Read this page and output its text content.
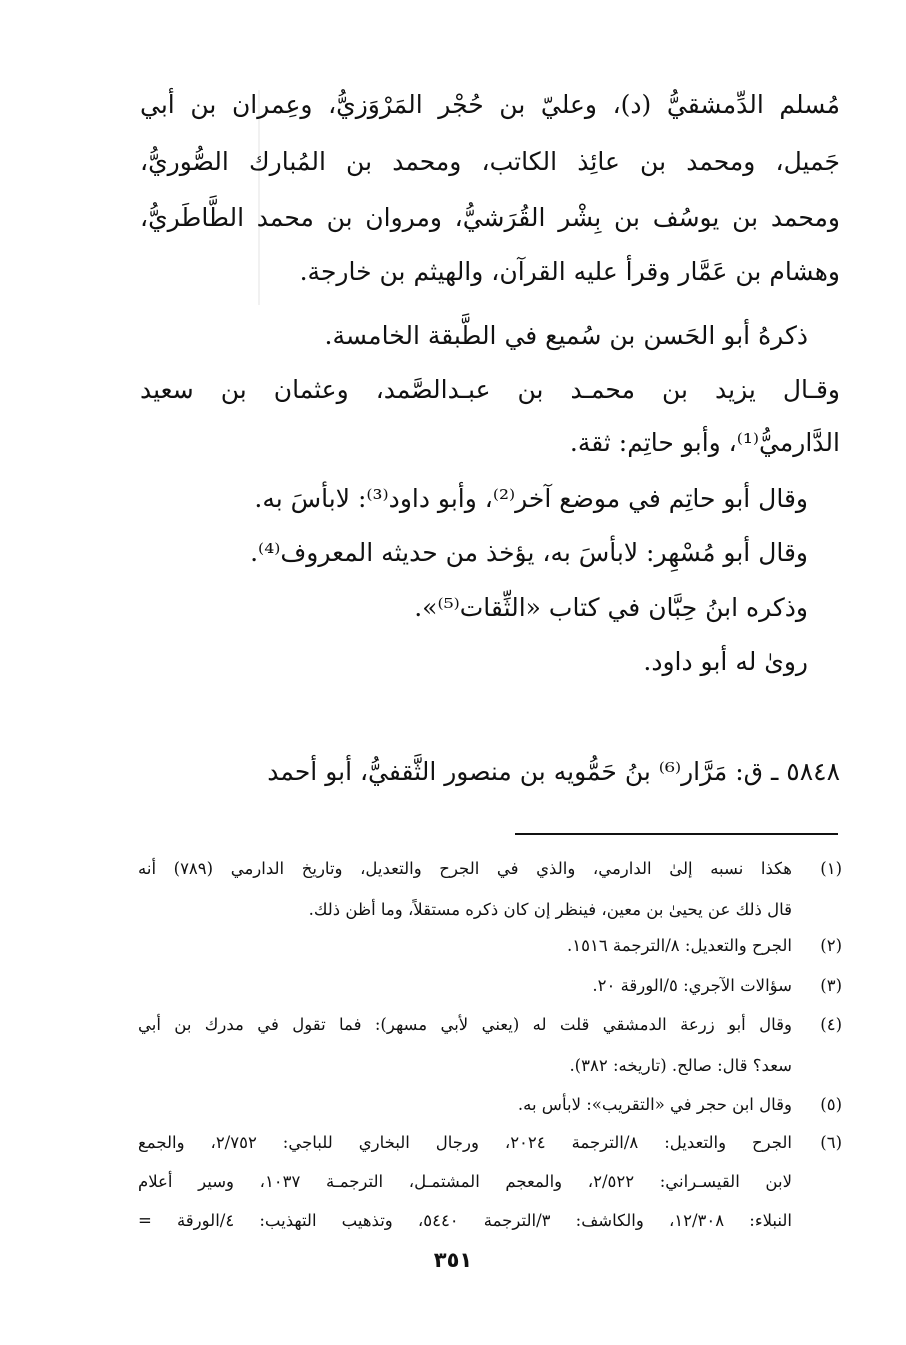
مُسلم الدِّمشقيُّ (د)، وعليّ بن حُجْر المَرْوَزيُّ، وعِمران بن أبي
جَميل، ومحمد بن عائِذ الكاتب، ومحمد بن المُبارك الصُّوريُّ،
ومحمد بن يوسُف بن بِشْر القُرَشيُّ، ومروان بن محمد الطَّاطَريُّ،
وهشام بن عَمَّار وقرأ عليه القرآن، والهيثم بن خارجة.
ذكرهُ أبو الحَسن بن سُميع في الطَّبقة الخامسة.
وقـال يزيد بن محمـد بن عبـدالصَّمد، وعثمان بن سعيد
الدَّارميُّ⁽¹⁾، وأبو حاتِم: ثقة.
وقال أبو حاتِم في موضع آخر⁽²⁾، وأبو داود⁽³⁾: لابأسَ به.
وقال أبو مُسْهِر: لابأسَ به، يؤخذ من حديثه المعروف⁽⁴⁾.
وذكره ابنُ حِبَّان في كتاب «الثِّقات⁽⁵⁾».
روىٰ له أبو داود.
٥٨٤٨ ـ ق: مَرَّار⁽⁶⁾ بنُ حَمُّويه بن منصور الثَّقفيُّ، أبو أحمد
(١)
هكذا نسبه إلىٰ الدارمي، والذي في الجرح والتعديل، وتاريخ الدارمي (٧٨٩) أنه
قال ذلك عن يحيىٰ بن معين، فينظر إن كان ذكره مستقلاً، وما أظن ذلك.
(٢)
الجرح والتعديل: ٨/الترجمة ١٥١٦.
(٣)
سؤالات الآجري: ٥/الورقة ٢٠.
(٤)
وقال أبو زرعة الدمشقي قلت له (يعني لأبي مسهر): فما تقول في مدرك بن أبي
سعد؟ قال: صالح. (تاريخه: ٣٨٢).
(٥)
وقال ابن حجر في «التقريب»: لابأس به.
(٦)
الجرح والتعديل: ٨/الترجمة ٢٠٢٤، ورجال البخاري للباجي: ٢/٧٥٢، والجمع
لابن القيسـراني: ٢/٥٢٢، والمعجم المشتمـل، الترجمـة ١٠٣٧، وسير أعلام
النبلاء: ١٢/٣٠٨، والكاشف: ٣/الترجمة ٥٤٤٠، وتذهيب التهذيب: ٤/الورقة =
٣٥١
